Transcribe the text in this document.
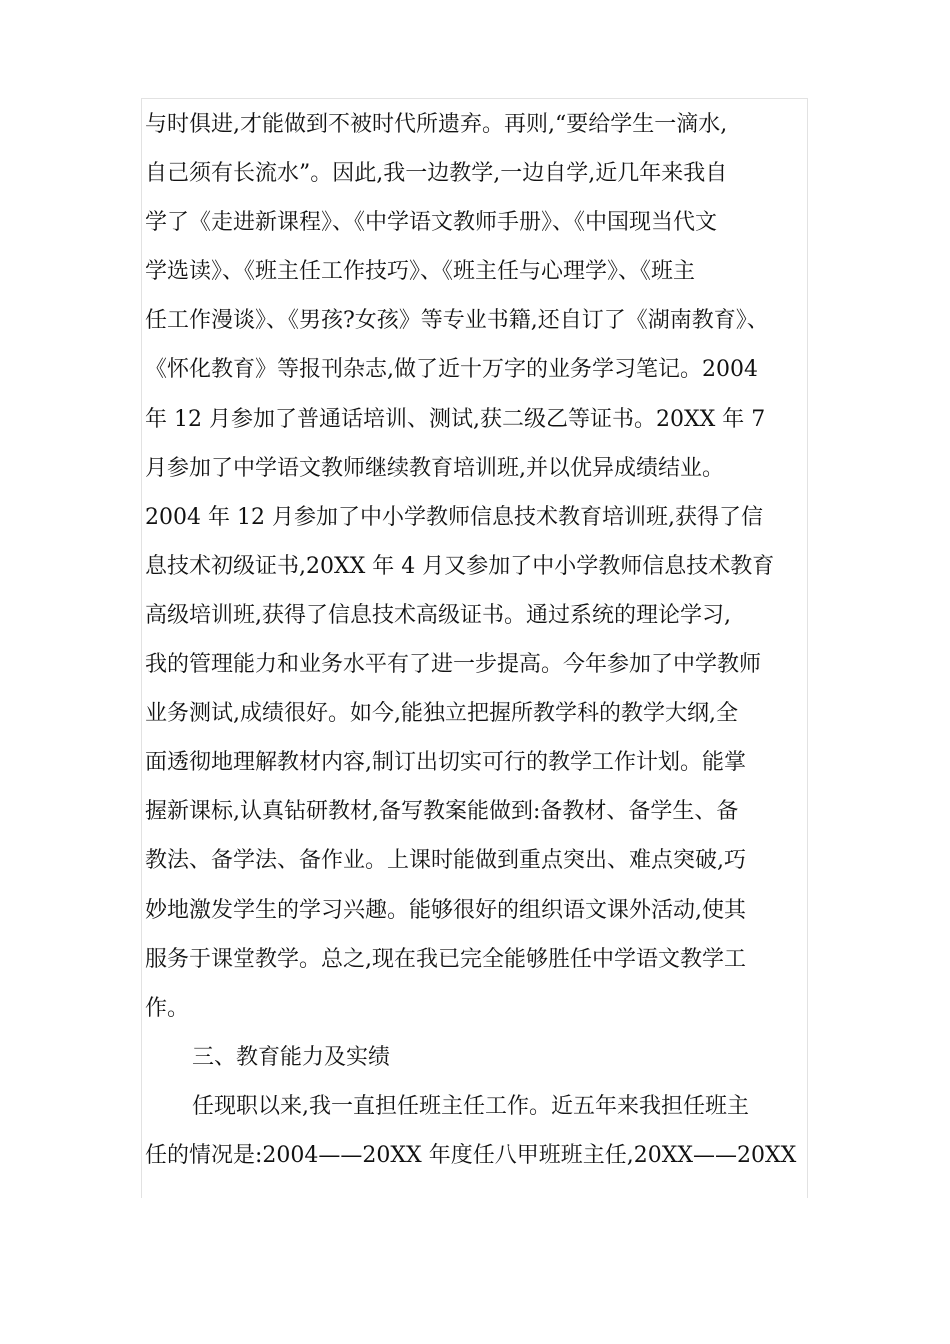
与时俱进,才能做到不被时代所遗弃。再则,“要给学生一滴水,
自己须有长流水”。因此,我一边教学,一边自学,近几年来我自
学了《走进新课程》、《中学语文教师手册》、《中国现当代文
学选读》、《班主任工作技巧》、《班主任与心理学》、《班主
任工作漫谈》、《男孩?女孩》等专业书籍,还自订了《湖南教育》、
《怀化教育》等报刊杂志,做了近十万字的业务学习笔记。2004
年 12 月参加了普通话培训、测试,获二级乙等证书。20XX 年 7
月参加了中学语文教师继续教育培训班,并以优异成绩结业。
2004 年 12 月参加了中小学教师信息技术教育培训班,获得了信
息技术初级证书,20XX 年 4 月又参加了中小学教师信息技术教育
高级培训班,获得了信息技术高级证书。通过系统的理论学习,
我的管理能力和业务水平有了进一步提高。今年参加了中学教师
业务测试,成绩很好。如今,能独立把握所教学科的教学大纲,全
面透彻地理解教材内容,制订出切实可行的教学工作计划。能掌
握新课标,认真钻研教材,备写教案能做到:备教材、备学生、备
教法、备学法、备作业。上课时能做到重点突出、难点突破,巧
妙地激发学生的学习兴趣。能够很好的组织语文课外活动,使其
服务于课堂教学。总之,现在我已完全能够胜任中学语文教学工
作。
三、教育能力及实绩
任现职以来,我一直担任班主任工作。近五年来我担任班主
任的情况是:2004——20XX 年度任八甲班班主任,20XX——20XX
